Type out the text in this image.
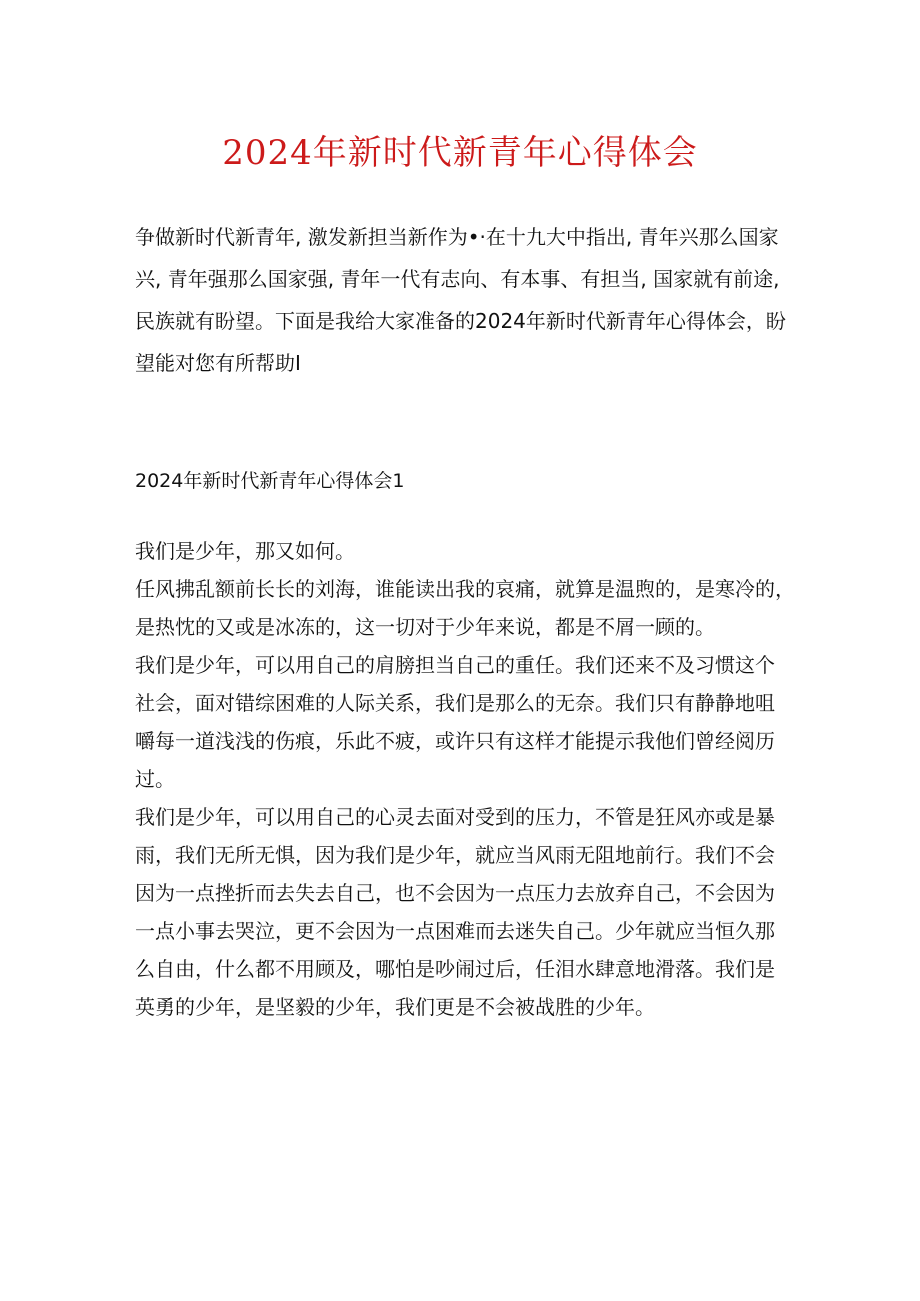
2024年新时代新青年心得体会
争做新时代新青年, 激发新担当新作为•·在十九大中指出, 青年兴那么国家
兴, 青年强那么国家强, 青年一代有志向、有本事、有担当, 国家就有前途,
民族就有盼望。下面是我给大家准备的2024年新时代新青年心得体会，盼
望能对您有所帮助I
2024年新时代新青年心得体会1
我们是少年，那又如何。
任风拂乱额前长长的刘海，谁能读出我的哀痛，就算是温煦的，是寒冷的，
是热忱的又或是冰冻的，这一切对于少年来说，都是不屑一顾的。
我们是少年，可以用自己的肩膀担当自己的重任。我们还来不及习惯这个
社会，面对错综困难的人际关系，我们是那么的无奈。我们只有静静地咀
嚼每一道浅浅的伤痕，乐此不疲，或许只有这样才能提示我他们曾经阅历
过。
我们是少年，可以用自己的心灵去面对受到的压力，不管是狂风亦或是暴
雨，我们无所无惧，因为我们是少年，就应当风雨无阻地前行。我们不会
因为一点挫折而去失去自己，也不会因为一点压力去放弃自己，不会因为
一点小事去哭泣，更不会因为一点困难而去迷失自己。少年就应当恒久那
么自由，什么都不用顾及，哪怕是吵闹过后，任泪水肆意地滑落。我们是
英勇的少年，是坚毅的少年，我们更是不会被战胜的少年。
